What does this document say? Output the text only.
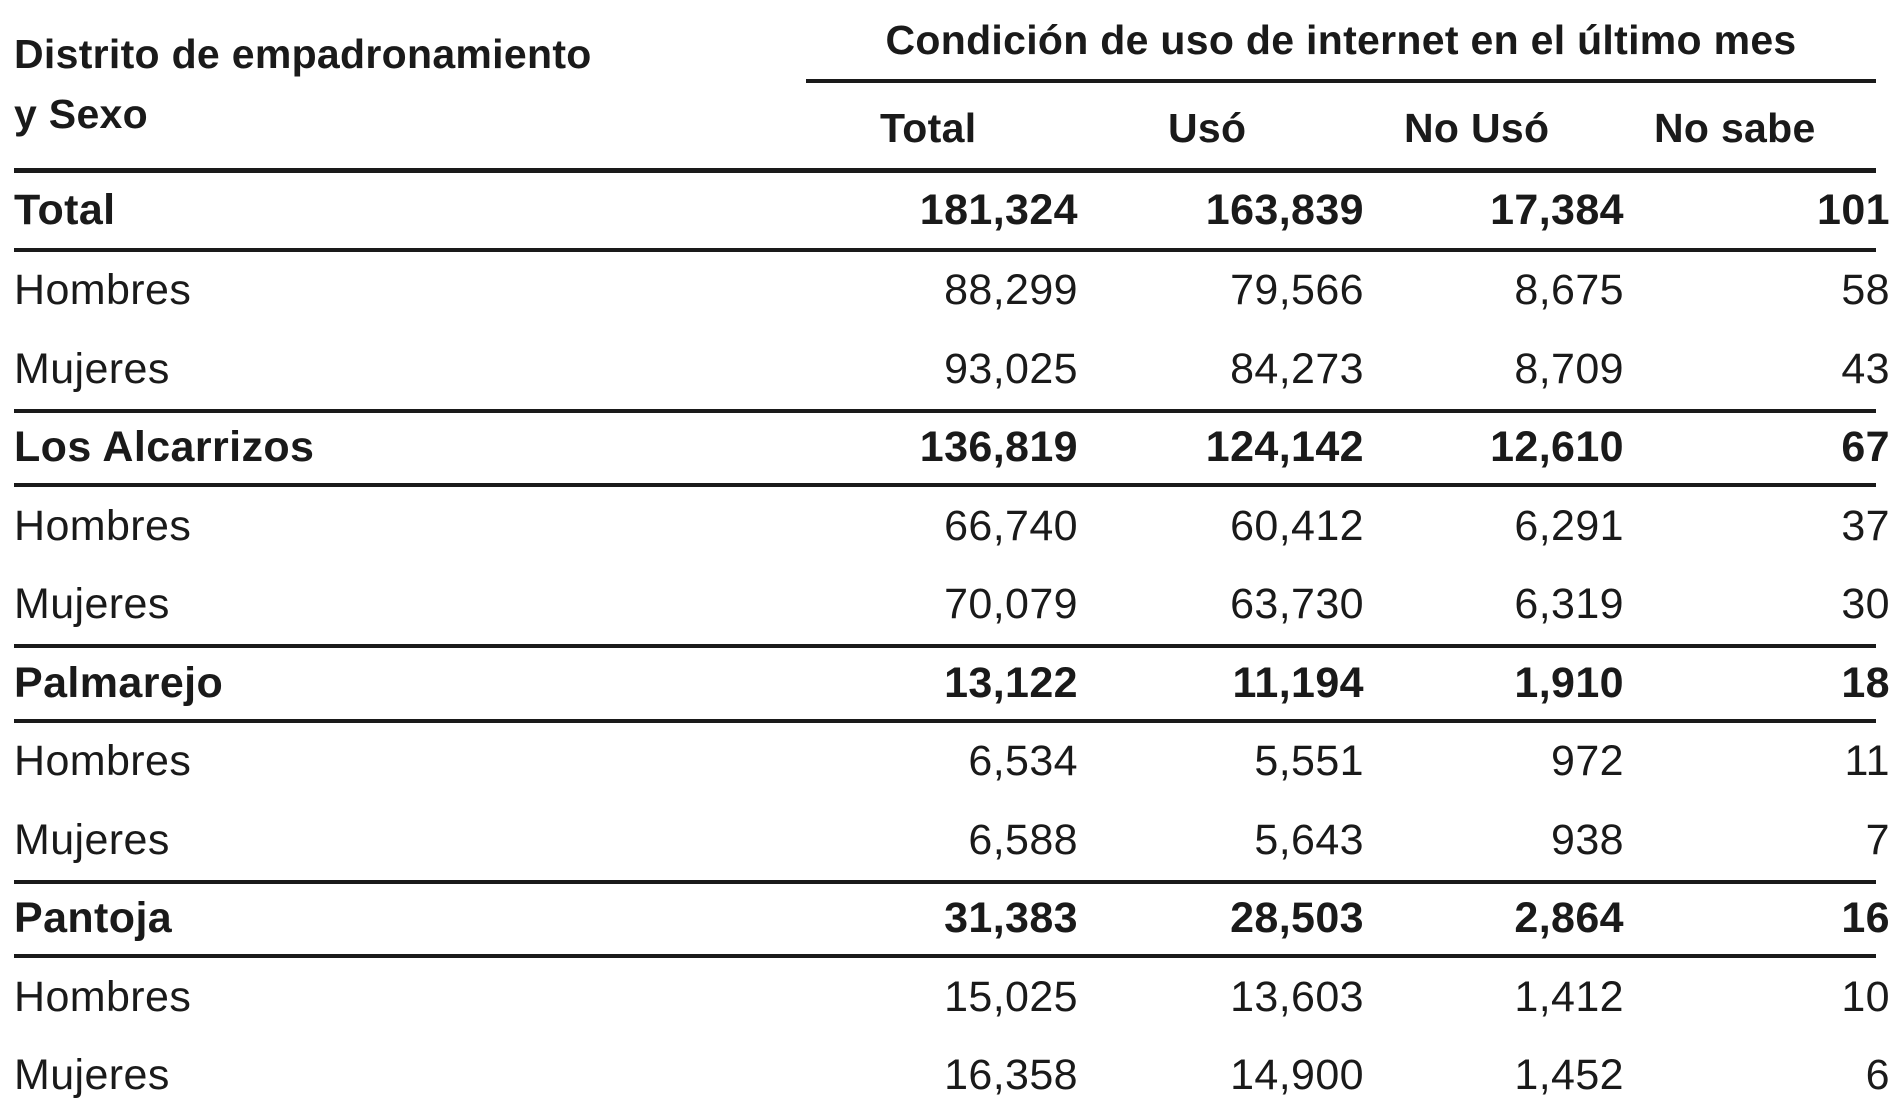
Distrito de empadronamiento
y Sexo
Condición de uso de internet en el último mes
Total	Usó	No Usó	No sabe
Total	181,324	163,839	17,384	101
Hombres	88,299	79,566	8,675	58
Mujeres	93,025	84,273	8,709	43
Los Alcarrizos	136,819	124,142	12,610	67
Hombres	66,740	60,412	6,291	37
Mujeres	70,079	63,730	6,319	30
Palmarejo	13,122	11,194	1,910	18
Hombres	6,534	5,551	972	11
Mujeres	6,588	5,643	938	7
Pantoja	31,383	28,503	2,864	16
Hombres	15,025	13,603	1,412	10
Mujeres	16,358	14,900	1,452	6
